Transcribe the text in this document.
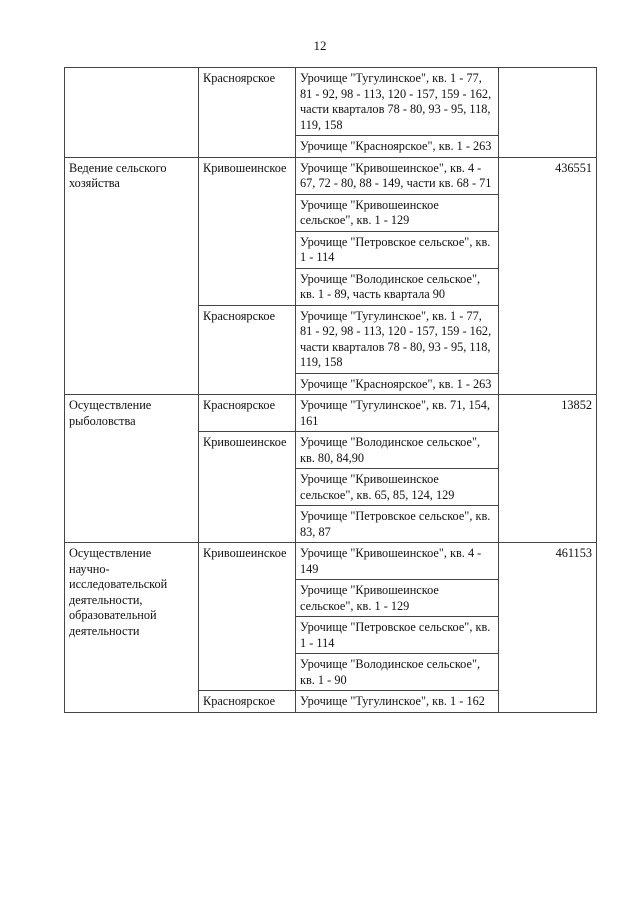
12
	Красноярское	Урочище "Тугулинское", кв. 1 - 77, 81 - 92, 98 - 113, 120 - 157, 159 - 162, части кварталов 78 - 80, 93 - 95, 118, 119, 158	
		Урочище "Красноярское", кв. 1 - 263	
Ведение сельского хозяйства	Кривошеинское	Урочище "Кривошеинское", кв. 4 - 67, 72 - 80, 88 - 149, части кв. 68 - 71	436551
		Урочище "Кривошеинское сельское", кв. 1 - 129	
		Урочище "Петровское сельское", кв. 1 - 114	
		Урочище "Володинское сельское", кв. 1 - 89, часть квартала 90	
	Красноярское	Урочище "Тугулинское", кв. 1 - 77, 81 - 92, 98 - 113, 120 - 157, 159 - 162, части кварталов 78 - 80, 93 - 95, 118, 119, 158	
		Урочище "Красноярское", кв. 1 - 263	
Осуществление рыболовства	Красноярское	Урочище "Тугулинское", кв. 71, 154, 161	13852
	Кривошеинское	Урочище "Володинское сельское", кв. 80, 84,90	
		Урочище "Кривошеинское сельское", кв. 65, 85, 124, 129	
		Урочище "Петровское сельское", кв. 83, 87	
Осуществление научно-исследовательской деятельности, образовательной деятельности	Кривошеинское	Урочище "Кривошеинское", кв. 4 - 149	461153
		Урочище "Кривошеинское сельское", кв. 1 - 129	
		Урочище "Петровское сельское", кв. 1 - 114	
		Урочище "Володинское сельское", кв. 1 - 90	
	Красноярское	Урочище "Тугулинское", кв. 1 - 162	
